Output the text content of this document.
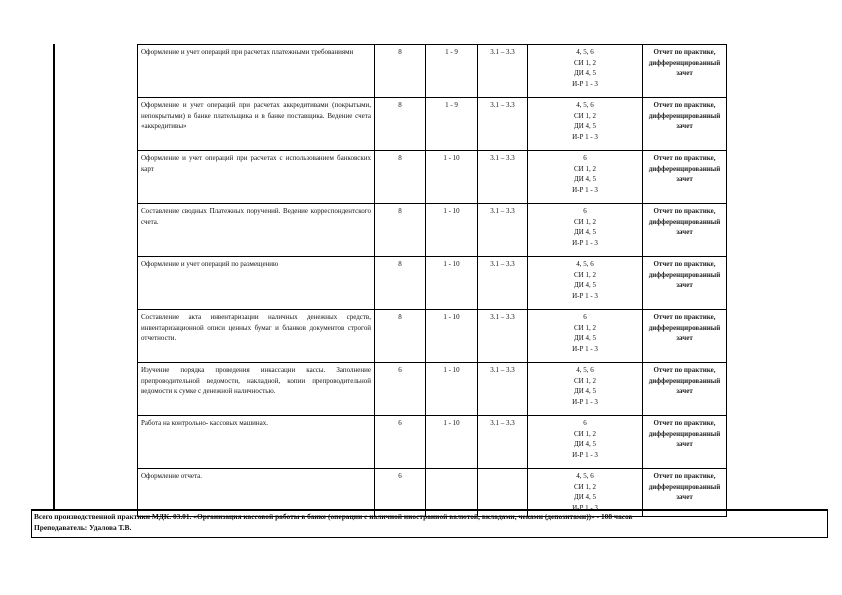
Оформление и учет операций при расчетах платежными требованиями	8	1 - 9	3.1 – 3.3	4, 5, 6
СИ 1, 2
ДИ 4, 5
И-Р 1 - 3	Отчет по практике, дифференцированный зачет
Оформление и учет операций при расчетах аккредитивами (покрытыми, непокрытыми) в банке плательщика и в банке поставщика. Ведение счета «аккредитивы»	8	1 - 9	3.1 – 3.3	4, 5, 6
СИ 1, 2
ДИ 4, 5
И-Р 1 - 3	Отчет по практике, дифференцированный зачет
Оформление и учет операций при расчетах с использованием банковских карт	8	1 - 10	3.1 – 3.3	6
СИ 1, 2
ДИ 4, 5
И-Р 1 - 3	Отчет по практике, дифференцированный зачет
Составление сводных Платежных поручений. Ведение корреспондентского счета.	8	1 - 10	3.1 – 3.3	6
СИ 1, 2
ДИ 4, 5
И-Р 1 - 3	Отчет по практике, дифференцированный зачет
Оформление и учет операций по размещению	8	1 - 10	3.1 – 3.3	4, 5, 6
СИ 1, 2
ДИ 4, 5
И-Р 1 - 3	Отчет по практике, дифференцированный зачет
Составление акта инвентаризации наличных денежных средств, инвентаризационной описи ценных бумаг и бланков документов строгой отчетности.	8	1 - 10	3.1 – 3.3	6
СИ 1, 2
ДИ 4, 5
И-Р 1 - 3	Отчет по практике, дифференцированный зачет
Изучение порядка проведения инкассации кассы. Заполнение препроводительной ведомости, накладной, копии препроводительной ведомости к сумке с денежной наличностью.	6	1 - 10	3.1 – 3.3	4, 5, 6
СИ 1, 2
ДИ 4, 5
И-Р 1 - 3	Отчет по практике, дифференцированный зачет
Работа на контрольно- кассовых машинах.	6	1 - 10	3.1 – 3.3	6
СИ 1, 2
ДИ 4, 5
И-Р 1 - 3	Отчет по практике, дифференцированный зачет
Оформление отчета.	6			4, 5, 6
СИ 1, 2
ДИ 4, 5
И-Р 1 - 3	Отчет по практике, дифференцированный зачет
Всего производственной практики МДК. 03.01. «Организация кассовой работы в банке (операции с наличной иностранной валютой, вкладами, чеками (депозитами))» - 108 часов
Преподаватель: Удалова Т.В.
